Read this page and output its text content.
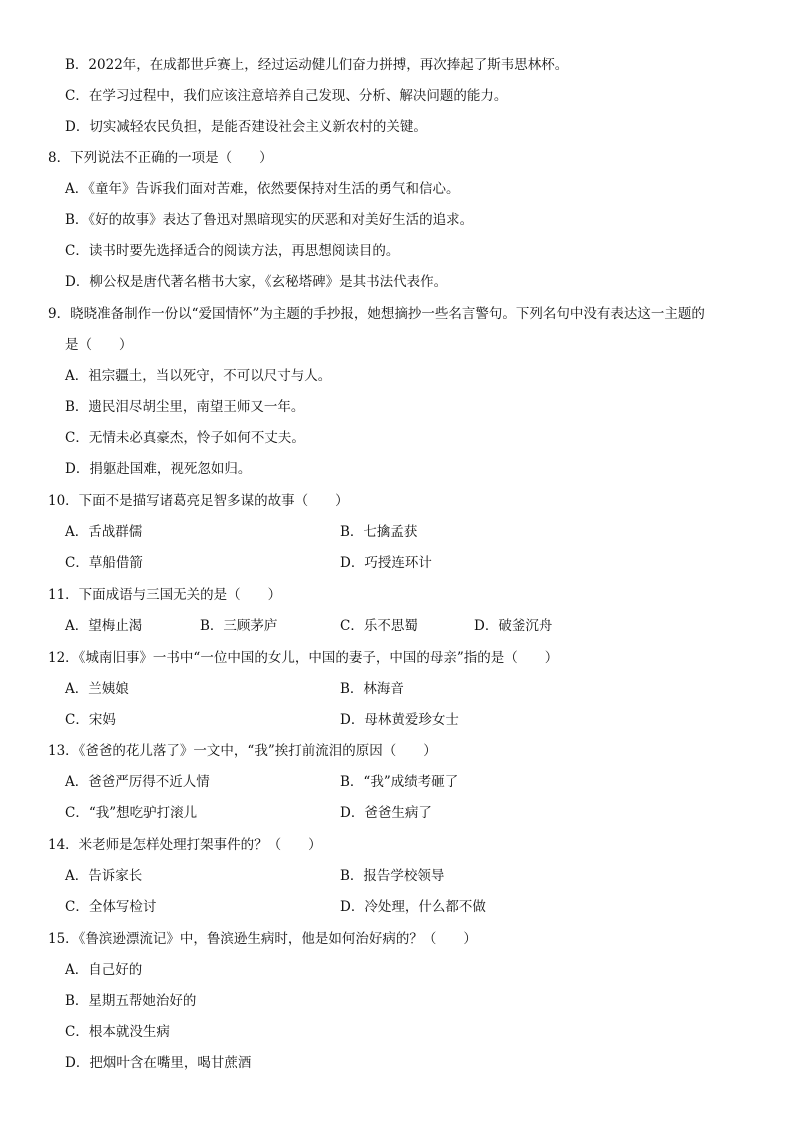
B．2022年，在成都世乒赛上，经过运动健儿们奋力拼搏，再次捧起了斯韦思林杯。
C．在学习过程中，我们应该注意培养自己发现、分析、解决问题的能力。
D．切实减轻农民负担，是能否建设社会主义新农村的关键。
8．下列说法不正确的一项是（　　）
A．《童年》告诉我们面对苦难，依然要保持对生活的勇气和信心。
B．《好的故事》表达了鲁迅对黑暗现实的厌恶和对美好生活的追求。
C．读书时要先选择适合的阅读方法，再思想阅读目的。
D．柳公权是唐代著名楷书大家，《玄秘塔碑》是其书法代表作。
9．晓晓准备制作一份以“爱国情怀”为主题的手抄报，她想摘抄一些名言警句。下列名句中没有表达这一主题的
是（　　）
A．祖宗疆土，当以死守，不可以尺寸与人。
B．遗民泪尽胡尘里，南望王师又一年。
C．无情未必真豪杰，怜子如何不丈夫。
D．捐躯赴国难，视死忽如归。
10．下面不是描写诸葛亮足智多谋的故事（　　）
A．舌战群儒	B．七擒孟获
C．草船借箭	D．巧授连环计
11．下面成语与三国无关的是（　　）
A．望梅止渴	B．三顾茅庐	C．乐不思蜀	D．破釜沉舟
12．《城南旧事》一书中“一位中国的女儿，中国的妻子，中国的母亲”指的是（　　）
A．兰姨娘	B．林海音
C．宋妈	D．母林黄爱珍女士
13．《爸爸的花儿落了》一文中，“我”挨打前流泪的原因（　　）
A．爸爸严厉得不近人情	B．“我”成绩考砸了
C．“我”想吃驴打滚儿	D．爸爸生病了
14．米老师是怎样处理打架事件的？（　　）
A．告诉家长	B．报告学校领导
C．全体写检讨	D．冷处理，什么都不做
15．《鲁滨逊漂流记》中，鲁滨逊生病时，他是如何治好病的？（　　）
A．自己好的
B．星期五帮她治好的
C．根本就没生病
D．把烟叶含在嘴里，喝甘蔗酒
